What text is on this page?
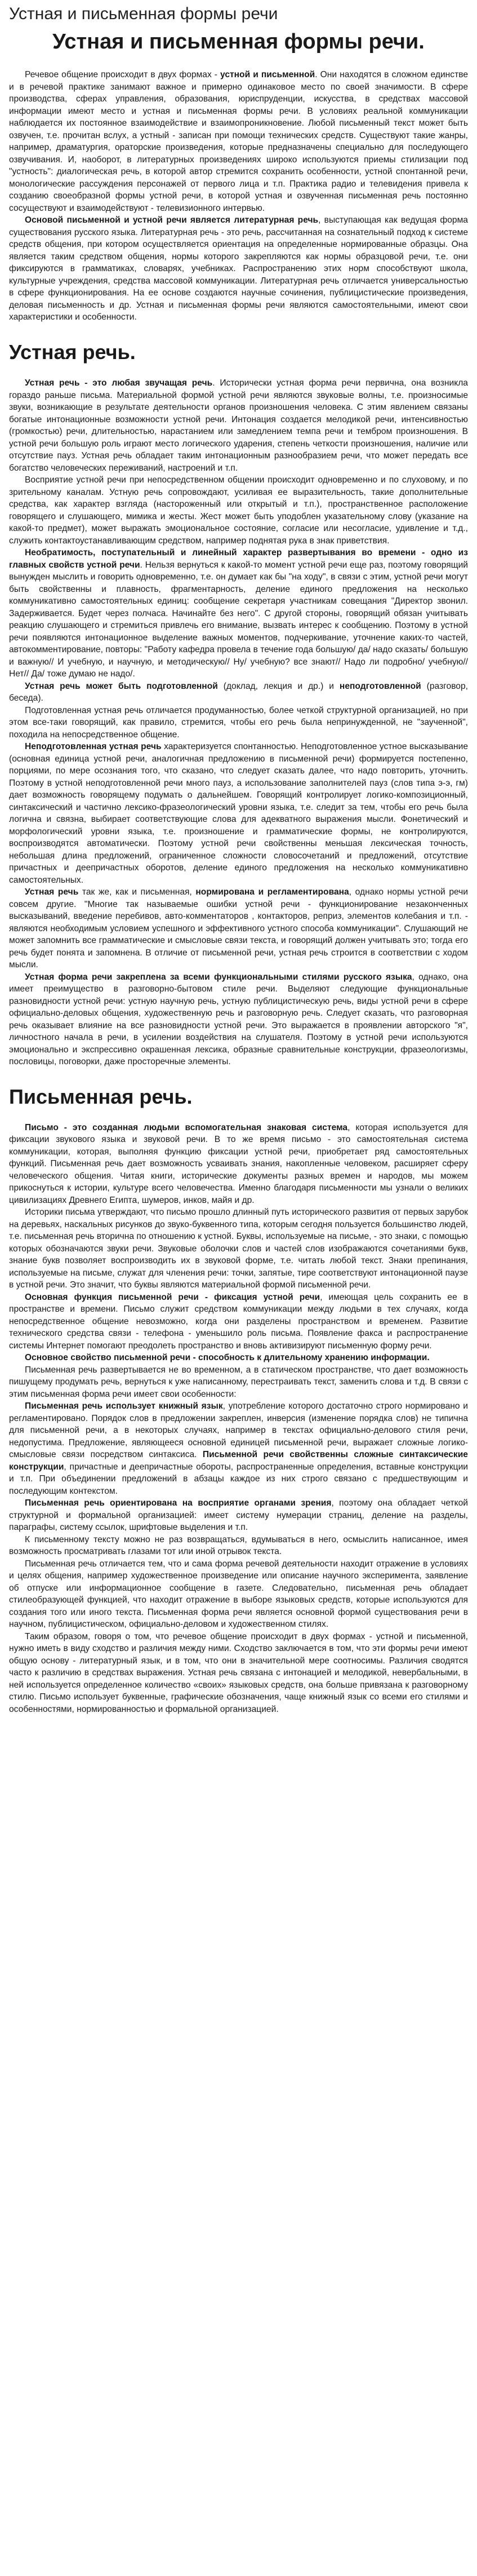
Устная и письменная формы речи
Устная и письменная формы речи.

Речевое общение происходит в двух формах - устной и письменной. Они находятся в сложном единстве и в речевой практике занимают важное и примерно одинаковое место по своей значимости. В сфере производства, сферах управления, образования, юриспруденции, искусства, в средствах массовой информации имеют место и устная и письменная формы речи. В условиях реальной коммуникации наблюдается их постоянное взаимодействие и взаимопроникновение. Любой письменный текст может быть озвучен, т.е. прочитан вслух, а устный - записан при помощи технических средств. Существуют такие жанры, например, драматургия, ораторские произведения, которые предназначены специально для последующего озвучивания. И, наоборот, в литературных произведениях широко используются приемы стилизации под "устность": диалогическая речь, в которой автор стремится сохранить особенности, устной спонтанной речи, монологические рассуждения персонажей от первого лица и т.п. Практика радио и телевидения привела к созданию своеобразной формы устной речи, в которой устная и озвученная письменная речь постоянно сосуществуют и взаимодействуют - телевизионного интервью.

Основой письменной и устной речи является литературная речь, выступающая как ведущая форма существования русского языка. Литературная речь - это речь, рассчитанная на сознательный подход к системе средств общения, при котором осуществляется ориентация на определенные нормированные образцы. Она является таким средством общения, нормы которого закрепляются как нормы образцовой речи, т.е. они фиксируются в грамматиках, словарях, учебниках. Распространению этих норм способствуют школа, культурные учреждения, средства массовой коммуникации. Литературная речь отличается универсальностью в сфере функционирования. На ее основе создаются научные сочинения, публицистические произведения, деловая письменность и др. Устная и письменная формы речи являются самостоятельными, имеют свои характеристики и особенности.

Устная речь.

Устная речь - это любая звучащая речь. Исторически устная форма речи первична, она возникла гораздо раньше письма. Материальной формой устной речи являются звуковые волны, т.е. произносимые звуки, возникающие в результате деятельности органов произношения человека. С этим явлением связаны богатые интонационные возможности устной речи. Интонация создается мелодикой речи, интенсивностью (громкостью) речи, длительностью, нарастанием или замедлением темпа речи и тембром произношения. В устной речи большую роль играют место логического ударения, степень четкости произношения, наличие или отсутствие пауз. Устная речь обладает таким интонационным разнообразием речи, что может передать все богатство человеческих переживаний, настроений и т.п.

Восприятие устной речи при непосредственном общении происходит одновременно и по слуховому, и по зрительному каналам. Устную речь сопровождают, усиливая ее выразительность, такие дополнительные средства, как характер взгляда (настороженный или открытый и т.п.), пространственное расположение говорящего и слушающего, мимика и жесты. Жест может быть уподоблен указательному слову (указание на какой-то предмет), может выражать эмоциональное состояние, согласие или несогласие, удивление и т.д., служить контактоустанавливающим средством, например поднятая рука в знак приветствия.

Необратимость, поступательный и линейный характер развертывания во времени - одно из главных свойств устной речи. Нельзя вернуться к какой-то момент устной речи еще раз, поэтому говорящий вынужден мыслить и говорить одновременно, т.е. он думает как бы "на ходу", в связи с этим, устной речи могут быть свойственны и плавность, фрагментарность, деление единого предложения на несколько коммуникативно самостоятельных единиц: сообщение секретаря участникам совещания "Директор звонил. Задерживается. Будет через полчаса. Начинайте без него". С другой стороны, говорящий обязан учитывать реакцию слушающего и стремиться привлечь его внимание, вызвать интерес к сообщению. Поэтому в устной речи появляются интонационное выделение важных моментов, подчеркивание, уточнение каких-то частей, автокомментирование, повторы: "Работу кафедра провела в течение года большую/ да/ надо сказать/ большую и важную// И учебную, и научную, и методическую// Ну/ учебную? все знают// Надо ли подробно/ учебную// Нет// Да/ тоже думаю не надо/.

Устная речь может быть подготовленной (доклад, лекция и др.) и неподготовленной (разговор, беседа).

Подготовленная устная речь отличается продуманностью, более четкой структурной организацией, но при этом все-таки говорящий, как правило, стремится, чтобы его речь была непринужденной, не "заученной", походила на непосредственное общение.

Неподготовленная устная речь характеризуется спонтанностью. Неподготовленное устное высказывание (основная единица устной речи, аналогичная предложению в письменной речи) формируется постепенно, порциями, по мере осознания того, что сказано, что следует сказать далее, что надо повторить, уточнить. Поэтому в устной неподготовленной речи много пауз, а использование заполнителей пауз (слов типа э-э, гм) дает возможность говорящему подумать о дальнейшем. Говорящий контролирует логико-композиционный, синтаксический и частично лексико-фразеологический уровни языка, т.е. следит за тем, чтобы его речь была логична и связна, выбирает соответствующие слова для адекватного выражения мысли. Фонетический и морфологический уровни языка, т.е. произношение и грамматические формы, не контролируются, воспроизводятся автоматически. Поэтому устной речи свойственны меньшая лексическая точность, небольшая длина предложений, ограниченное сложности словосочетаний и предложений, отсутствие причастных и деепричастных оборотов, деление единого предложения на несколько коммуникативно самостоятельных.

Устная речь так же, как и письменная, нормирована и регламентирована, однако нормы устной речи совсем другие. "Многие так называемые ошибки устной речи - функционирование незаконченных высказываний, введение перебивов, авто-комментаторов , контакторов, реприз, элементов колебания и т.п. - являются необходимым условием успешного и эффективного устного способа коммуникации". Слушающий не может запомнить все грамматические и смысловые связи текста, и говорящий должен учитывать это; тогда его речь будет понята и запомнена. В отличие от письменной речи, устная речь строится в соответствии с ходом мысли.

Устная форма речи закреплена за всеми функциональными стилями русского языка, однако, она имеет преимущество в разговорно-бытовом стиле речи. Выделяют следующие функциональные разновидности устной речи: устную научную речь, устную публицистическую речь, виды устной речи в сфере официально-деловых общения, художественную речь и разговорную речь. Следует сказать, что разговорная речь оказывает влияние на все разновидности устной речи. Это выражается в проявлении авторского "я", личностного начала в речи, в усилении воздействия на слушателя. Поэтому в устной речи используются эмоционально и экспрессивно окрашенная лексика, образные сравнительные конструкции, фразеологизмы, пословицы, поговорки, даже просторечные элементы.

Письменная речь.

Письмо - это созданная людьми вспомогательная знаковая система, которая используется для фиксации звукового языка и звуковой речи. В то же время письмо - это самостоятельная система коммуникации, которая, выполняя функцию фиксации устной речи, приобретает ряд самостоятельных функций. Письменная речь дает возможность усваивать знания, накопленные человеком, расширяет сферу человеческого общения. Читая книги, исторические документы разных времен и народов, мы можем прикоснуться к истории, культуре всего человечества. Именно благодаря письменности мы узнали о великих цивилизациях Древнего Египта, шумеров, инков, майя и др.

Историки письма утверждают, что письмо прошло длинный путь исторического развития от первых зарубок на деревьях, наскальных рисунков до звуко-буквенного типа, которым сегодня пользуется большинство людей, т.е. письменная речь вторична по отношению к устной. Буквы, используемые на письме, - это знаки, с помощью которых обозначаются звуки речи. Звуковые оболочки слов и частей слов изображаются сочетаниями букв, знание букв позволяет воспроизводить их в звуковой форме, т.е. читать любой текст. Знаки препинания, используемые на письме, служат для членения речи: точки, запятые, тире соответствуют интонационной паузе в устной речи. Это значит, что буквы являются материальной формой письменной речи.

Основная функция письменной речи - фиксация устной речи, имеющая цель сохранить ее в пространстве и времени. Письмо служит средством коммуникации между людьми в тех случаях, когда непосредственное общение невозможно, когда они разделены пространством и временем. Развитие технического средства связи - телефона - уменьшило роль письма. Появление факса и распространение системы Интернет помогают преодолеть пространство и вновь активизируют письменную форму речи.

Основное свойство письменной речи - способность к длительному хранению информации.

Письменная речь развертывается не во временном, а в статическом пространстве, что дает возможность пишущему продумать речь, вернуться к уже написанному, перестраивать текст, заменить слова и т.д. В связи с этим письменная форма речи имеет свои особенности:

Письменная речь использует книжный язык, употребление которого достаточно строго нормировано и регламентировано. Порядок слов в предложении закреплен, инверсия (изменение порядка слов) не типична для письменной речи, а в некоторых случаях, например в текстах официально-делового стиля речи, недопустима. Предложение, являющееся основной единицей письменной речи, выражает сложные логико-смысловые связи посредством синтаксиса. Письменной речи свойственны сложные синтаксические конструкции, причастные и деепричастные обороты, распространенные определения, вставные конструкции и т.п. При объединении предложений в абзацы каждое из них строго связано с предшествующим и последующим контекстом.

Письменная речь ориентирована на восприятие органами зрения, поэтому она обладает четкой структурной и формальной организацией: имеет систему нумерации страниц, деление на разделы, параграфы, систему ссылок, шрифтовые выделения и т.п.

К письменному тексту можно не раз возвращаться, вдумываться в него, осмыслить написанное, имея возможность просматривать глазами тот или иной отрывок текста.

Письменная речь отличается тем, что и сама форма речевой деятельности находит отражение в условиях и целях общения, например художественное произведение или описание научного эксперимента, заявление об отпуске или информационное сообщение в газете. Следовательно, письменная речь обладает стилеобразующей функцией, что находит отражение в выборе языковых средств, которые используются для создания того или иного текста. Письменная форма речи является основной формой существования речи в научном, публицистическом, официально-деловом и художественном стилях.

Таким образом, говоря о том, что речевое общение происходит в двух формах - устной и письменной, нужно иметь в виду сходство и различия между ними. Сходство заключается в том, что эти формы речи имеют общую основу - литературный язык, и в том, что они в значительной мере соотносимы. Различия сводятся часто к различию в средствах выражения. Устная речь связана с интонацией и мелодикой, невербальными, в ней используется определенное количество «своих» языковых средств, она больше привязана к разговорному стилю. Письмо использует буквенные, графические обозначения, чаще книжный язык со всеми его стилями и особенностями, нормированностью и формальной организацией.
